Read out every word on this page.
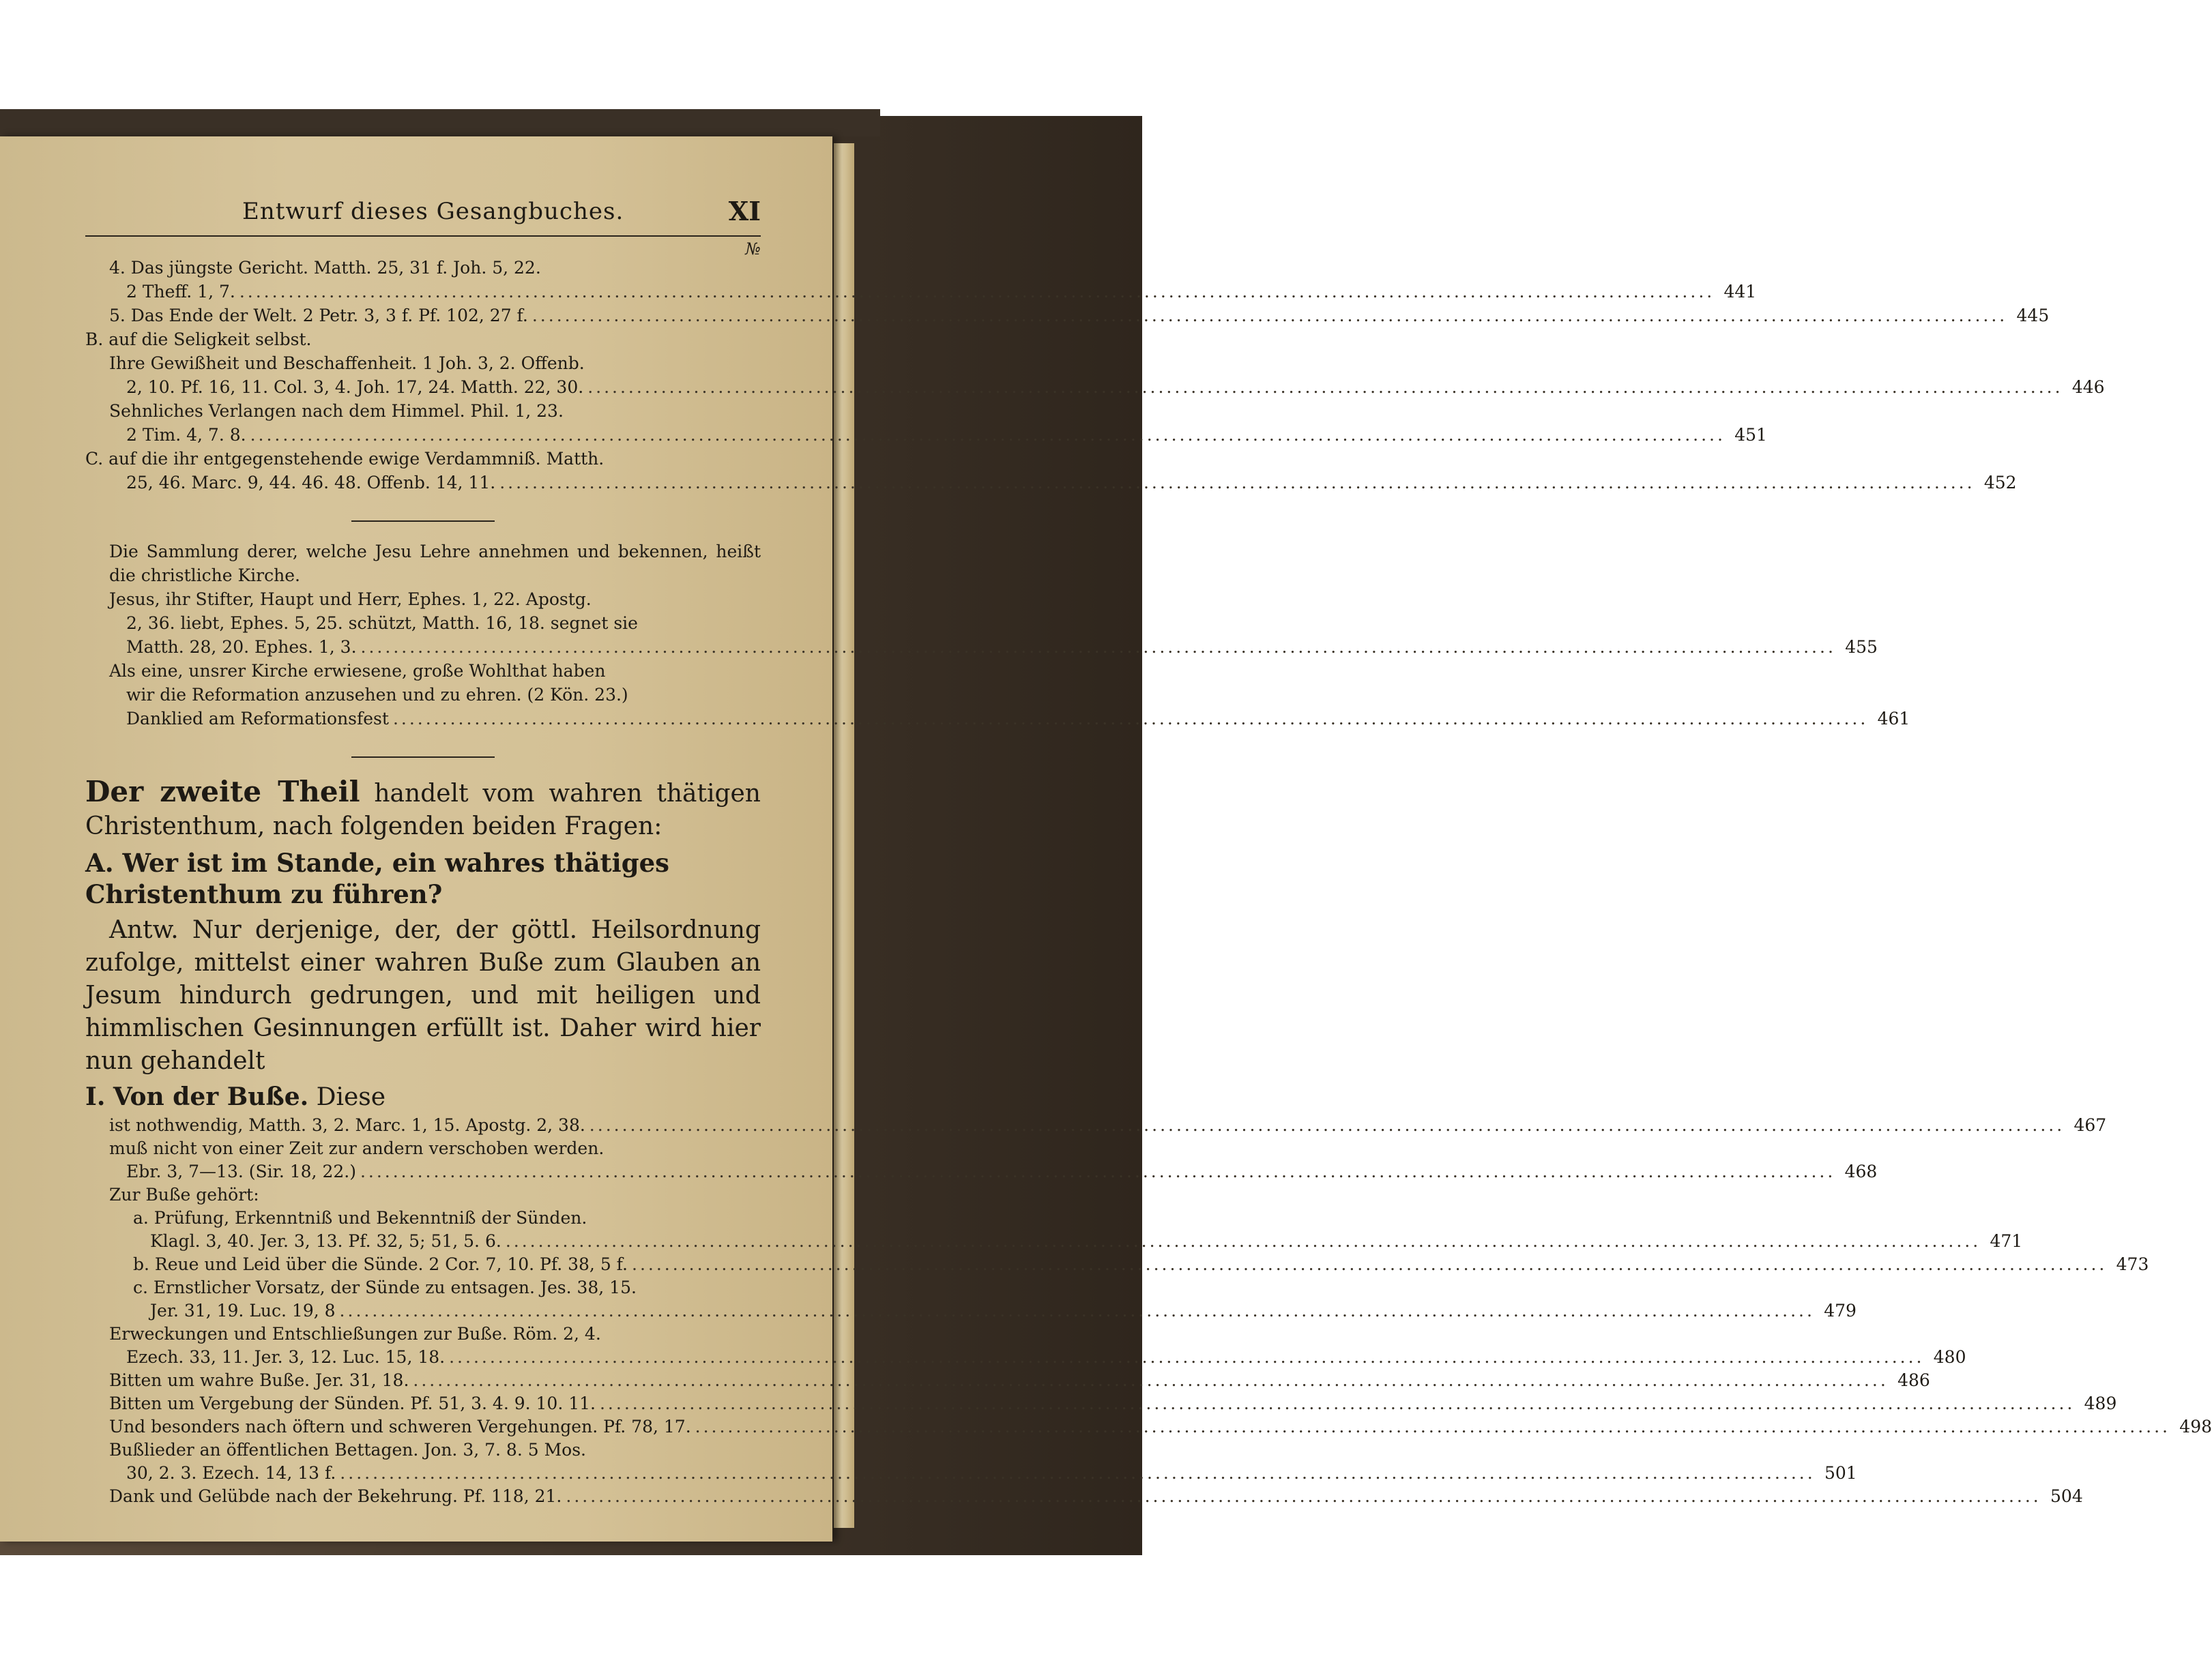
Entwurf dieses Gesangbuches.	XI
№
4. Das jüngste Gericht. Matth. 25, 31 f. Joh. 5, 22.
2 Theff. 1, 7. .....	441
5. Das Ende der Welt. 2 Petr. 3, 3 f. Pf. 102, 27 f. .....	445
B. auf die Seligkeit selbst.
Ihre Gewißheit und Beschaffenheit. 1 Joh. 3, 2. Offenb.
2, 10. Pf. 16, 11. Col. 3, 4. Joh. 17, 24. Matth. 22, 30. .....	446
Sehnliches Verlangen nach dem Himmel. Phil. 1, 23.
2 Tim. 4, 7. 8. .....	451
C. auf die ihr entgegenstehende ewige Verdammniß. Matth.
25, 46. Marc. 9, 44. 46. 48. Offenb. 14, 11. .....	452
Die Sammlung derer, welche Jesu Lehre annehmen und bekennen, heißt die christliche Kirche.
Jesus, ihr Stifter, Haupt und Herr, Ephes. 1, 22. Apostg.
2, 36. liebt, Ephes. 5, 25. schützt, Matth. 16, 18. segnet sie
Matth. 28, 20. Ephes. 1, 3. .....	455
Als eine, unsrer Kirche erwiesene, große Wohlthat haben
wir die Reformation anzusehen und zu ehren. (2 Kön. 23.)
Danklied am Reformationsfest .....	461
Der zweite Theil handelt vom wahren thätigen Christenthum, nach folgenden beiden Fragen:
A. Wer ist im Stande, ein wahres thätiges Christenthum zu führen?
Antw. Nur derjenige, der, der göttl. Heilsordnung zufolge, mittelst einer wahren Buße zum Glauben an Jesum hindurch gedrungen, und mit heiligen und himmlischen Gesinnungen erfüllt ist. Daher wird hier nun gehandelt
I. Von der Buße. Diese
ist nothwendig, Matth. 3, 2. Marc. 1, 15. Apostg. 2, 38. .....	467
muß nicht von einer Zeit zur andern verschoben werden.
Ebr. 3, 7—13. (Sir. 18, 22.) .....	468
Zur Buße gehört:
a. Prüfung, Erkenntniß und Bekenntniß der Sünden.
Klagl. 3, 40. Jer. 3, 13. Pf. 32, 5; 51, 5. 6. .....	471
b. Reue und Leid über die Sünde. 2 Cor. 7, 10. Pf. 38, 5 f. .....	473
c. Ernstlicher Vorsatz, der Sünde zu entsagen. Jes. 38, 15.
Jer. 31, 19. Luc. 19, 8 .....	479
Erweckungen und Entschließungen zur Buße. Röm. 2, 4.
Ezech. 33, 11. Jer. 3, 12. Luc. 15, 18. .....	480
Bitten um wahre Buße. Jer. 31, 18. .....	486
Bitten um Vergebung der Sünden. Pf. 51, 3. 4. 9. 10. 11. .....	489
Und besonders nach öftern und schweren Vergehungen. Pf. 78, 17. .....	498
Bußlieder an öffentlichen Bettagen. Jon. 3, 7. 8. 5 Mos.
30, 2. 3. Ezech. 14, 13 f. .....	501
Dank und Gelübde nach der Bekehrung. Pf. 118, 21. .....	504
